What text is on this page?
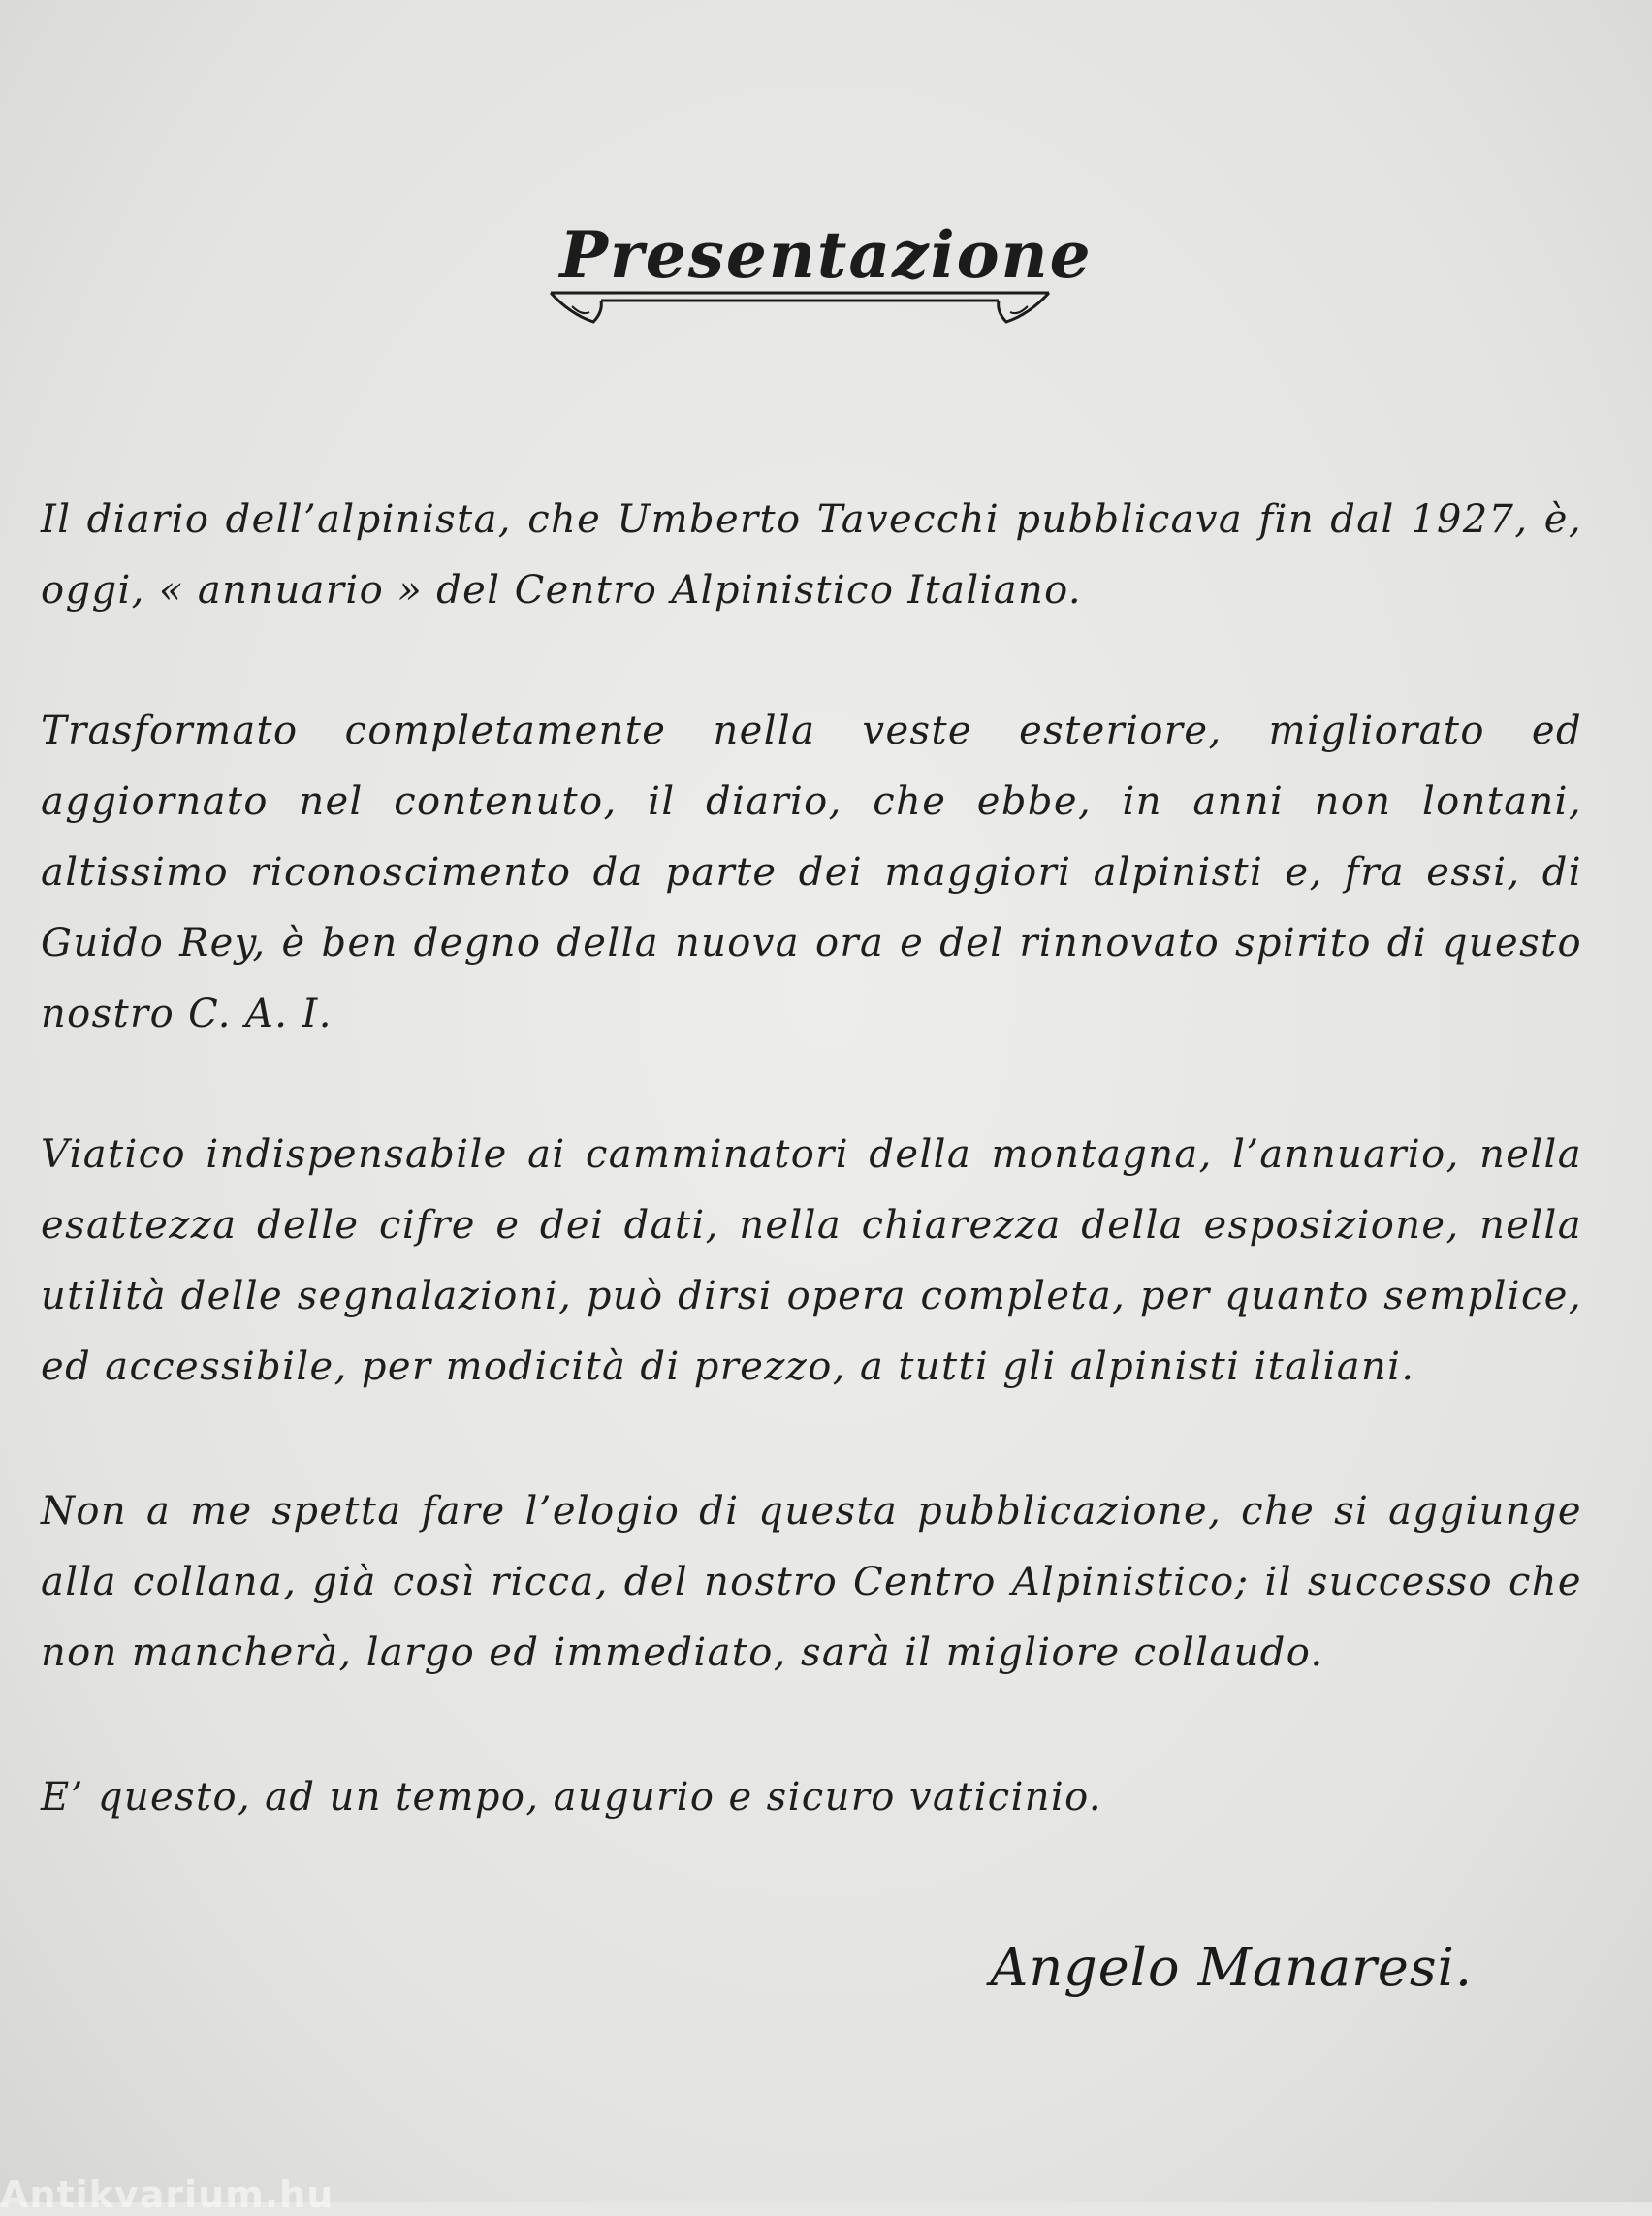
Presentazione

Il diario dell’alpinista, che Umberto Tavecchi pubblicava fin dal 1927, è, oggi, « annuario » del Centro Alpinistico Italiano.

Trasformato completamente nella veste esteriore, migliorato ed aggiornato nel contenuto, il diario, che ebbe, in anni non lontani, altissimo riconoscimento da parte dei maggiori alpinisti e, fra essi, di Guido Rey, è ben degno della nuova ora e del rinnovato spirito di questo nostro C. A. I.

Viatico indispensabile ai camminatori della montagna, l’annuario, nella esattezza delle cifre e dei dati, nella chiarezza della esposizione, nella utilità delle segnalazioni, può dirsi opera completa, per quanto semplice, ed accessibile, per modicità di prezzo, a tutti gli alpinisti italiani.

Non a me spetta fare l’elogio di questa pubblicazione, che si aggiunge alla collana, già così ricca, del nostro Centro Alpinistico; il successo che non mancherà, largo ed immediato, sarà il migliore collaudo.

E’ questo, ad un tempo, augurio e sicuro vaticinio.

Angelo Manaresi.
Antikvarium.hu
